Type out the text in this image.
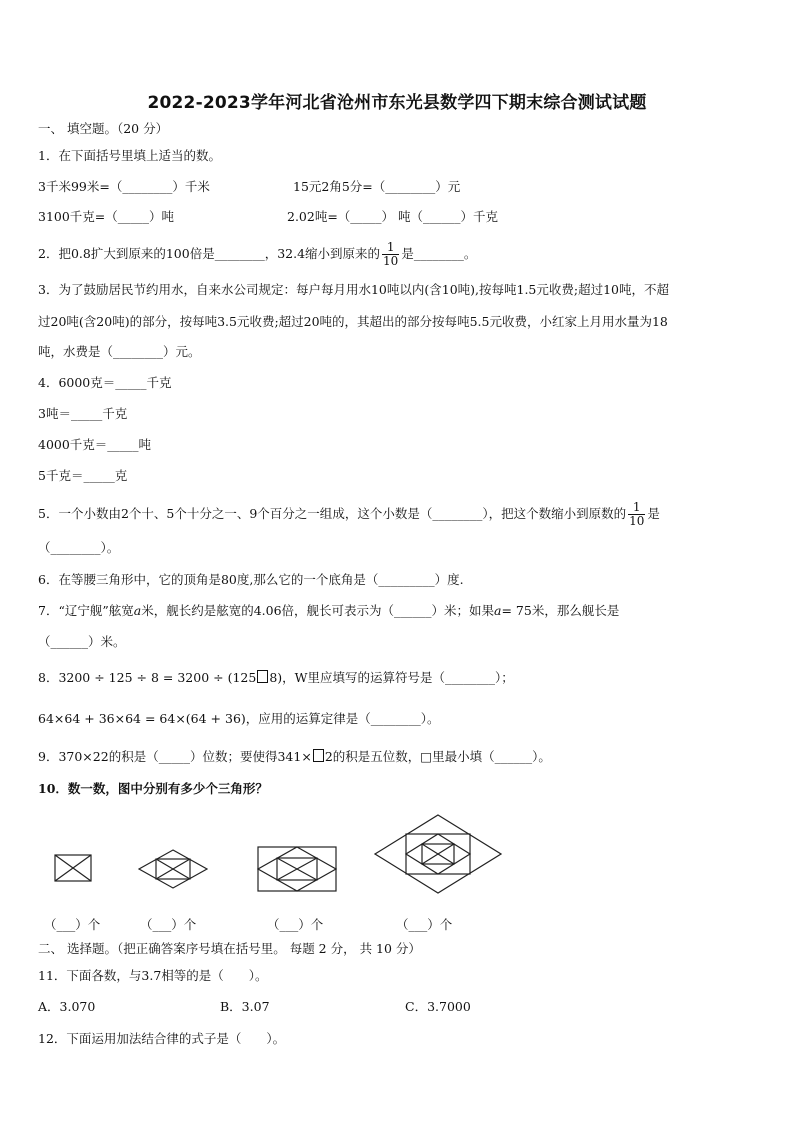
2022-2023学年河北省沧州市东光县数学四下期末综合测试试题
一、 填空题。（20 分）
1．在下面括号里填上适当的数。
3千米99米=（________）千米	15元2角5分=（________）元
3100千克=（_____）吨	2.02吨=（_____） 吨（______）千克
2．把0.8扩大到原来的100倍是________，32.4缩小到原来的 $\frac{1}{10}$ 是________。
3．为了鼓励居民节约用水，自来水公司规定：每户每月用水10吨以内(含10吨),按每吨1.5元收费;超过10吨，不超
过20吨(含20吨)的部分，按每吨3.5元收费;超过20吨的，其超出的部分按每吨5.5元收费，小红家上月用水量为18
吨，水费是（________）元。
4．6000克＝_____千克
3吨＝_____千克
4000千克＝_____吨
5千克＝_____克
5．一个小数由2个十、5个十分之一、9个百分之一组成，这个小数是（________），把这个数缩小到原数的 $\frac{1}{10}$ 是
（________）。
6．在等腰三角形中，它的顶角是80度,那么它的一个底角是（_________）度.
7．“辽宁舰”舷宽a米，舰长约是舷宽的4.06倍，舰长可表示为（______）米；如果a= 75米，那么舰长是
（______）米。
8．3200 ÷ 125 ÷ 8 = 3200 ÷ (125 8)，W里应填写的运算符号是（________）；
64×64 + 36×64 = 64×(64 + 36)，应用的运算定律是（________）。
9．370×22的积是（_____）位数；要使得341× 2的积是五位数，□里最小填（______）。
10．数一数，图中分别有多少个三角形？
（___）个	（___）个	（___）个	（___）个
二、 选择题。（把正确答案序号填在括号里。 每题 2 分， 共 10 分）
11．下面各数，与3.7相等的是（　　）。
A．3.070	B．3.07	C．3.7000
12．下面运用加法结合律的式子是（　　）。
